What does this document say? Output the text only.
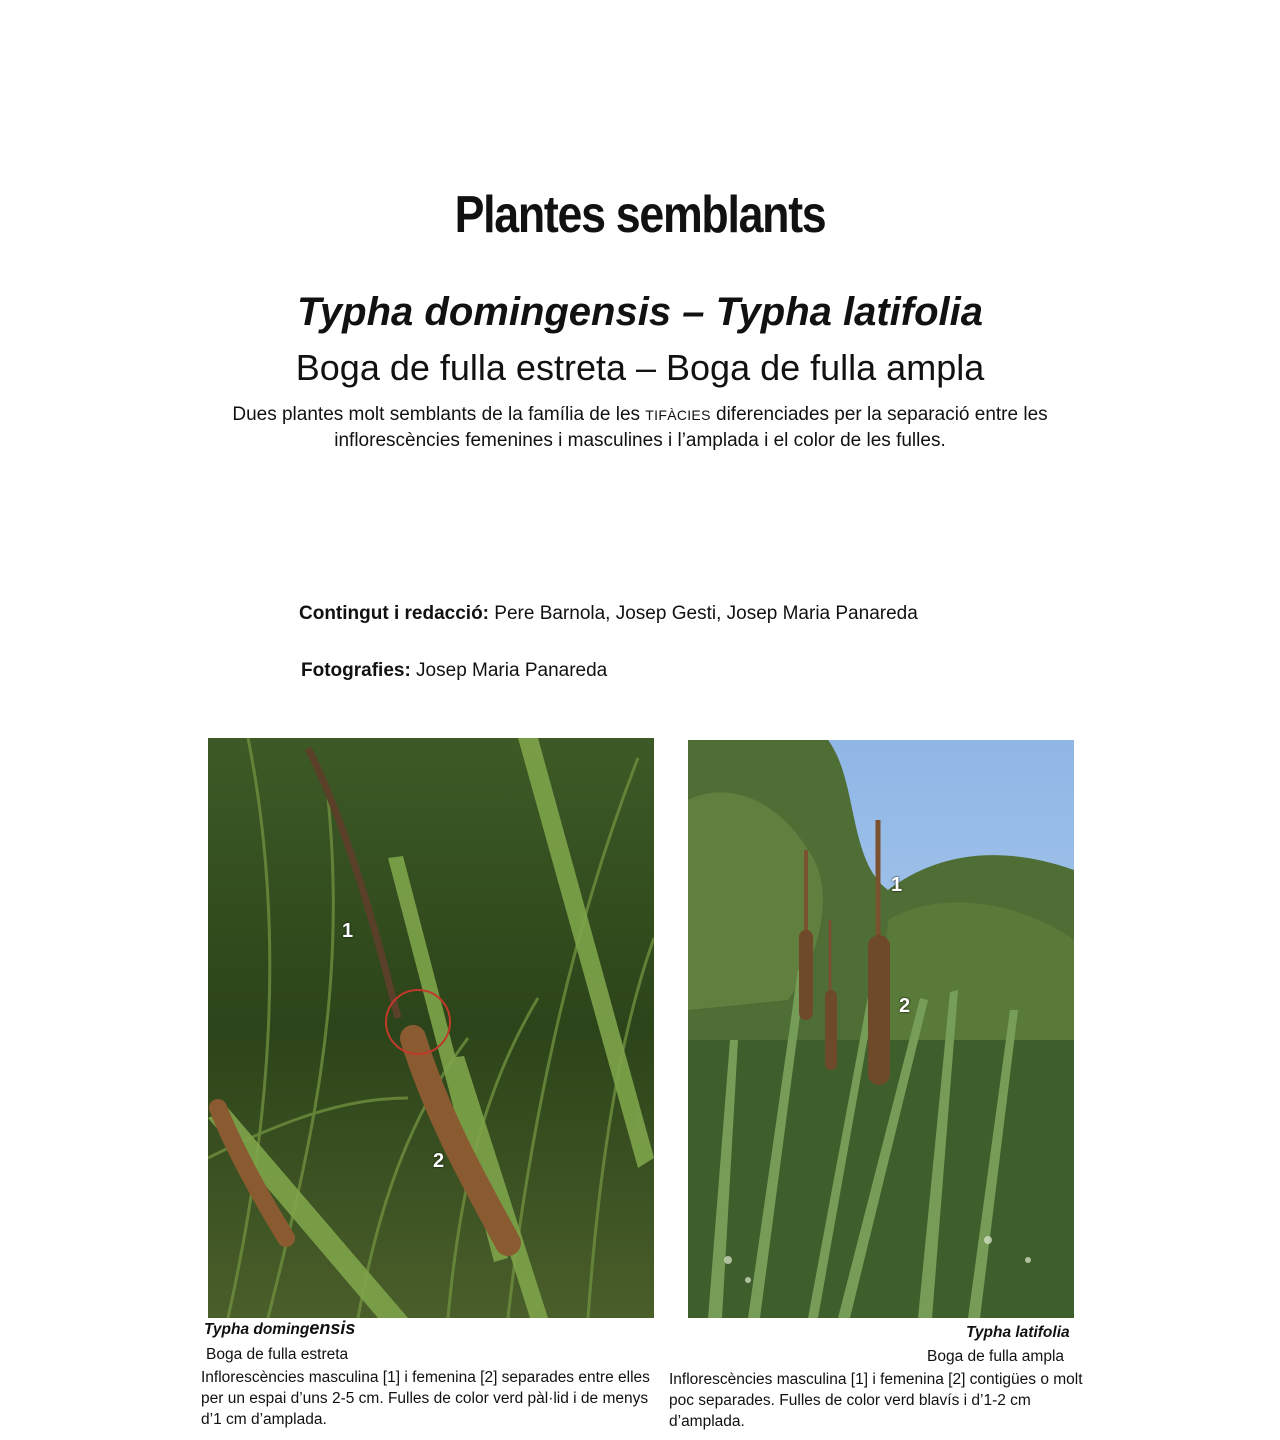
Plantes semblants
Typha domingensis – Typha latifolia
Boga de fulla estreta – Boga de fulla ampla
Dues plantes molt semblants de la família de les TIFÀCIES diferenciades per la separació entre les inflorescències femenines i masculines i l’amplada i el color de les fulles.
Contingut i redacció: Pere Barnola, Josep Gesti, Josep Maria Panareda
Fotografies: Josep Maria Panareda
1
2
1
2
Typha domingensis
Boga de fulla estreta
Inflorescències masculina [1] i femenina [2] separades entre elles per un espai d’uns 2-5 cm. Fulles de color verd pàl·lid i de menys d’1 cm d’amplada.
Typha latifolia
Boga de fulla ampla
Inflorescències masculina [1] i femenina [2] contigües o molt poc separades. Fulles de color verd blavís i d’1-2 cm d’amplada.
